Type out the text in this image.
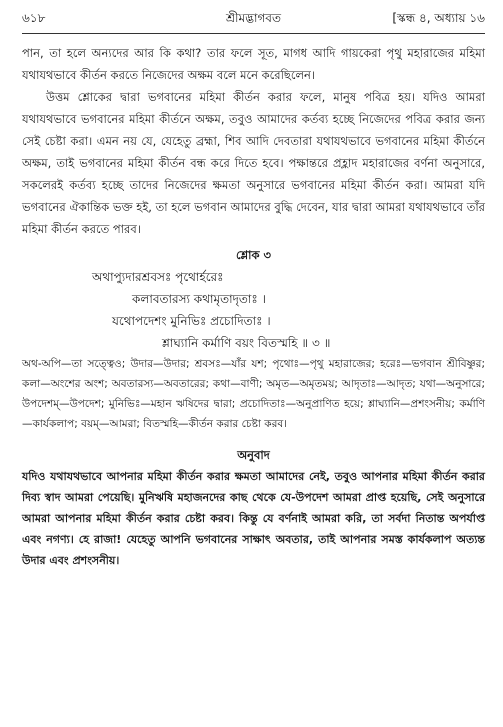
৬১৮	শ্রীমদ্ভাগবত	[স্কন্ধ ৪, অধ্যায় ১৬

পান, তা হলে অন্যদের আর কি কথা? তার ফলে সূত, মাগধ আদি গায়কেরা পৃথু মহারাজের মহিমা যথাযথভাবে কীর্তন করতে নিজেদের অক্ষম বলে মনে করেছিলেন।

উত্তম শ্লোকের দ্বারা ভগবানের মহিমা কীর্তন করার ফলে, মানুষ পবিত্র হয়। যদিও আমরা যথাযথভাবে ভগবানের মহিমা কীর্তনে অক্ষম, তবুও আমাদের কর্তব্য হচ্ছে নিজেদের পবিত্র করার জন্য সেই চেষ্টা করা। এমন নয় যে, যেহেতু ব্রহ্মা, শিব আদি দেবতারা যথাযথভাবে ভগবানের মহিমা কীর্তনে অক্ষম, তাই ভগবানের মহিমা কীর্তন বন্ধ করে দিতে হবে। পক্ষান্তরে প্রহ্লাদ মহারাজের বর্ণনা অনুসারে, সকলেরই কর্তব্য হচ্ছে তাদের নিজেদের ক্ষমতা অনুসারে ভগবানের মহিমা কীর্তন করা। আমরা যদি ভগবানের ঐকান্তিক ভক্ত হই, তা হলে ভগবান আমাদের বুদ্ধি দেবেন, যার দ্বারা আমরা যথাযথভাবে তাঁর মহিমা কীর্তন করতে পারব।

শ্লোক ৩
অথাপ্যুদারশ্রবসঃ পৃথোর্হরেঃ
কলাবতারস্য কথামৃতাদৃতাঃ ।
যথোপদেশং মুনিভিঃ প্রচোদিতাঃ ।
শ্লাঘ্যানি কর্মাণি বয়ং বিতস্মহি ॥ ৩ ॥

অথ-অপি—তা সত্ত্বেও; উদার—উদার; শ্রবসঃ—যাঁর যশ; পৃথোঃ—পৃথু মহারাজের; হরেঃ—ভগবান শ্রীবিষ্ণুর; কলা—অংশের অংশ; অবতারস্য—অবতারের; কথা—বাণী; অমৃত—অমৃতময়; আদৃতাঃ—আদৃত; যথা—অনুসারে; উপদেশম্—উপদেশ; মুনিভিঃ—মহান ঋষিদের দ্বারা; প্রচোদিতাঃ—অনুপ্রাণিত হয়ে; শ্লাঘ্যানি—প্রশংসনীয়; কর্মাণি—কার্যকলাপ; বয়ম্—আমরা; বিতস্মহি—কীর্তন করার চেষ্টা করব।

অনুবাদ

যদিও যথাযথভাবে আপনার মহিমা কীর্তন করার ক্ষমতা আমাদের নেই, তবুও আপনার মহিমা কীর্তন করার দিব্য স্বাদ আমরা পেয়েছি। মুনিঋষি মহাজনদের কাছ থেকে যে-উপদেশ আমরা প্রাপ্ত হয়েছি, সেই অনুসারে আমরা আপনার মহিমা কীর্তন করার চেষ্টা করব। কিন্তু যে বর্ণনাই আমরা করি, তা সর্বদা নিতান্ত অপর্যাপ্ত এবং নগণ্য। হে রাজা! যেহেতু আপনি ভগবানের সাক্ষাৎ অবতার, তাই আপনার সমস্ত কার্যকলাপ অত্যন্ত উদার এবং প্রশংসনীয়।
